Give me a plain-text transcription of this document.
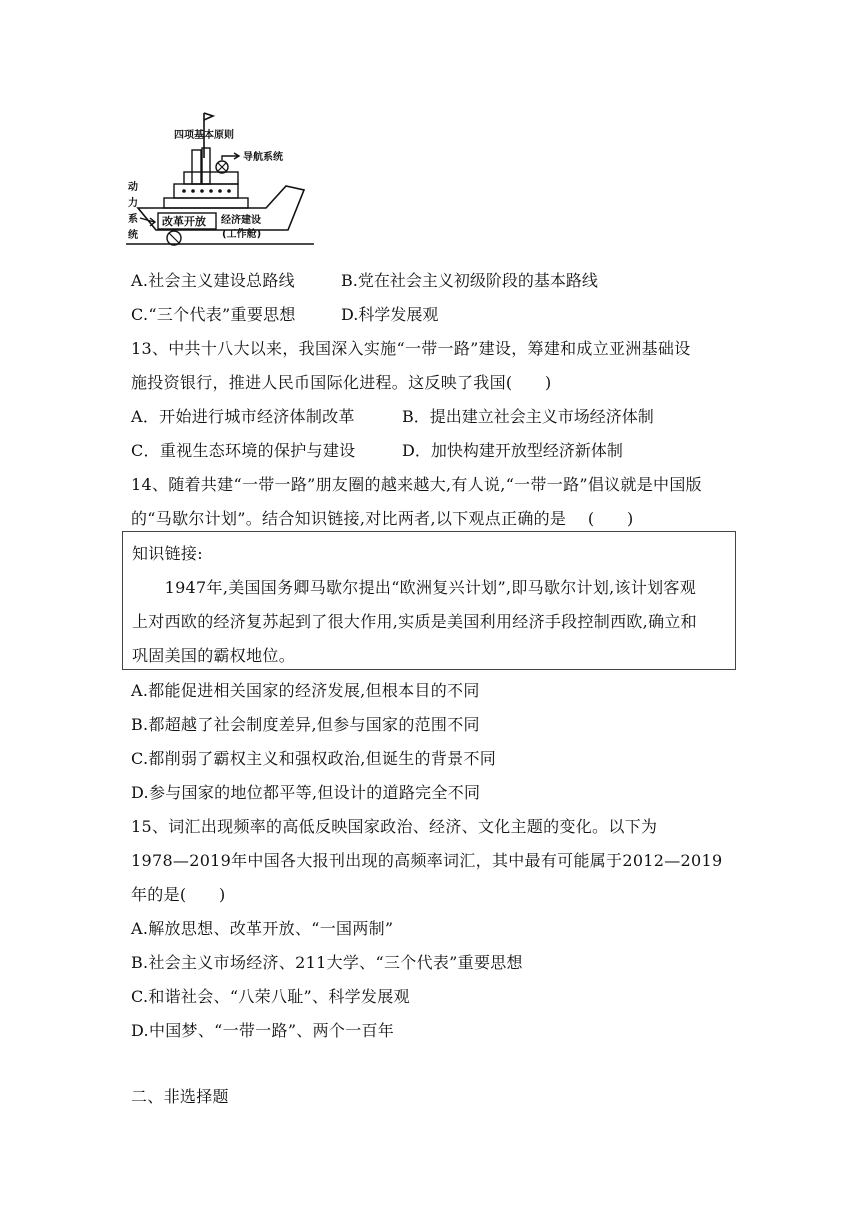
四项基本原则
导航系统
动
力
系
统
改革开放 经济建设
(工作舱)
A.社会主义建设总路线	B.党在社会主义初级阶段的基本路线
C.“三个代表”重要思想	D.科学发展观
13、中共十八大以来，我国深入实施“一带一路”建设，筹建和成立亚洲基础设
施投资银行，推进人民币国际化进程。这反映了我国(　　)
A．开始进行城市经济体制改革	B．提出建立社会主义市场经济体制
C．重视生态环境的保护与建设	D．加快构建开放型经济新体制
14、随着共建“一带一路”朋友圈的越来越大,有人说,“一带一路”倡议就是中国版
的“马歇尔计划”。结合知识链接,对比两者,以下观点正确的是　 (　　)
知识链接:
　　1947年,美国国务卿马歇尔提出“欧洲复兴计划”,即马歇尔计划,该计划客观
上对西欧的经济复苏起到了很大作用,实质是美国利用经济手段控制西欧,确立和
巩固美国的霸权地位。
A.都能促进相关国家的经济发展,但根本目的不同
B.都超越了社会制度差异,但参与国家的范围不同
C.都削弱了霸权主义和强权政治,但诞生的背景不同
D.参与国家的地位都平等,但设计的道路完全不同
15、词汇出现频率的高低反映国家政治、经济、文化主题的变化。以下为
1978—2019年中国各大报刊出现的高频率词汇，其中最有可能属于2012—2019
年的是(　　)
A.解放思想、改革开放、“一国两制”
B.社会主义市场经济、211大学、“三个代表”重要思想
C.和谐社会、“八荣八耻”、科学发展观
D.中国梦、“一带一路”、两个一百年
二、非选择题
